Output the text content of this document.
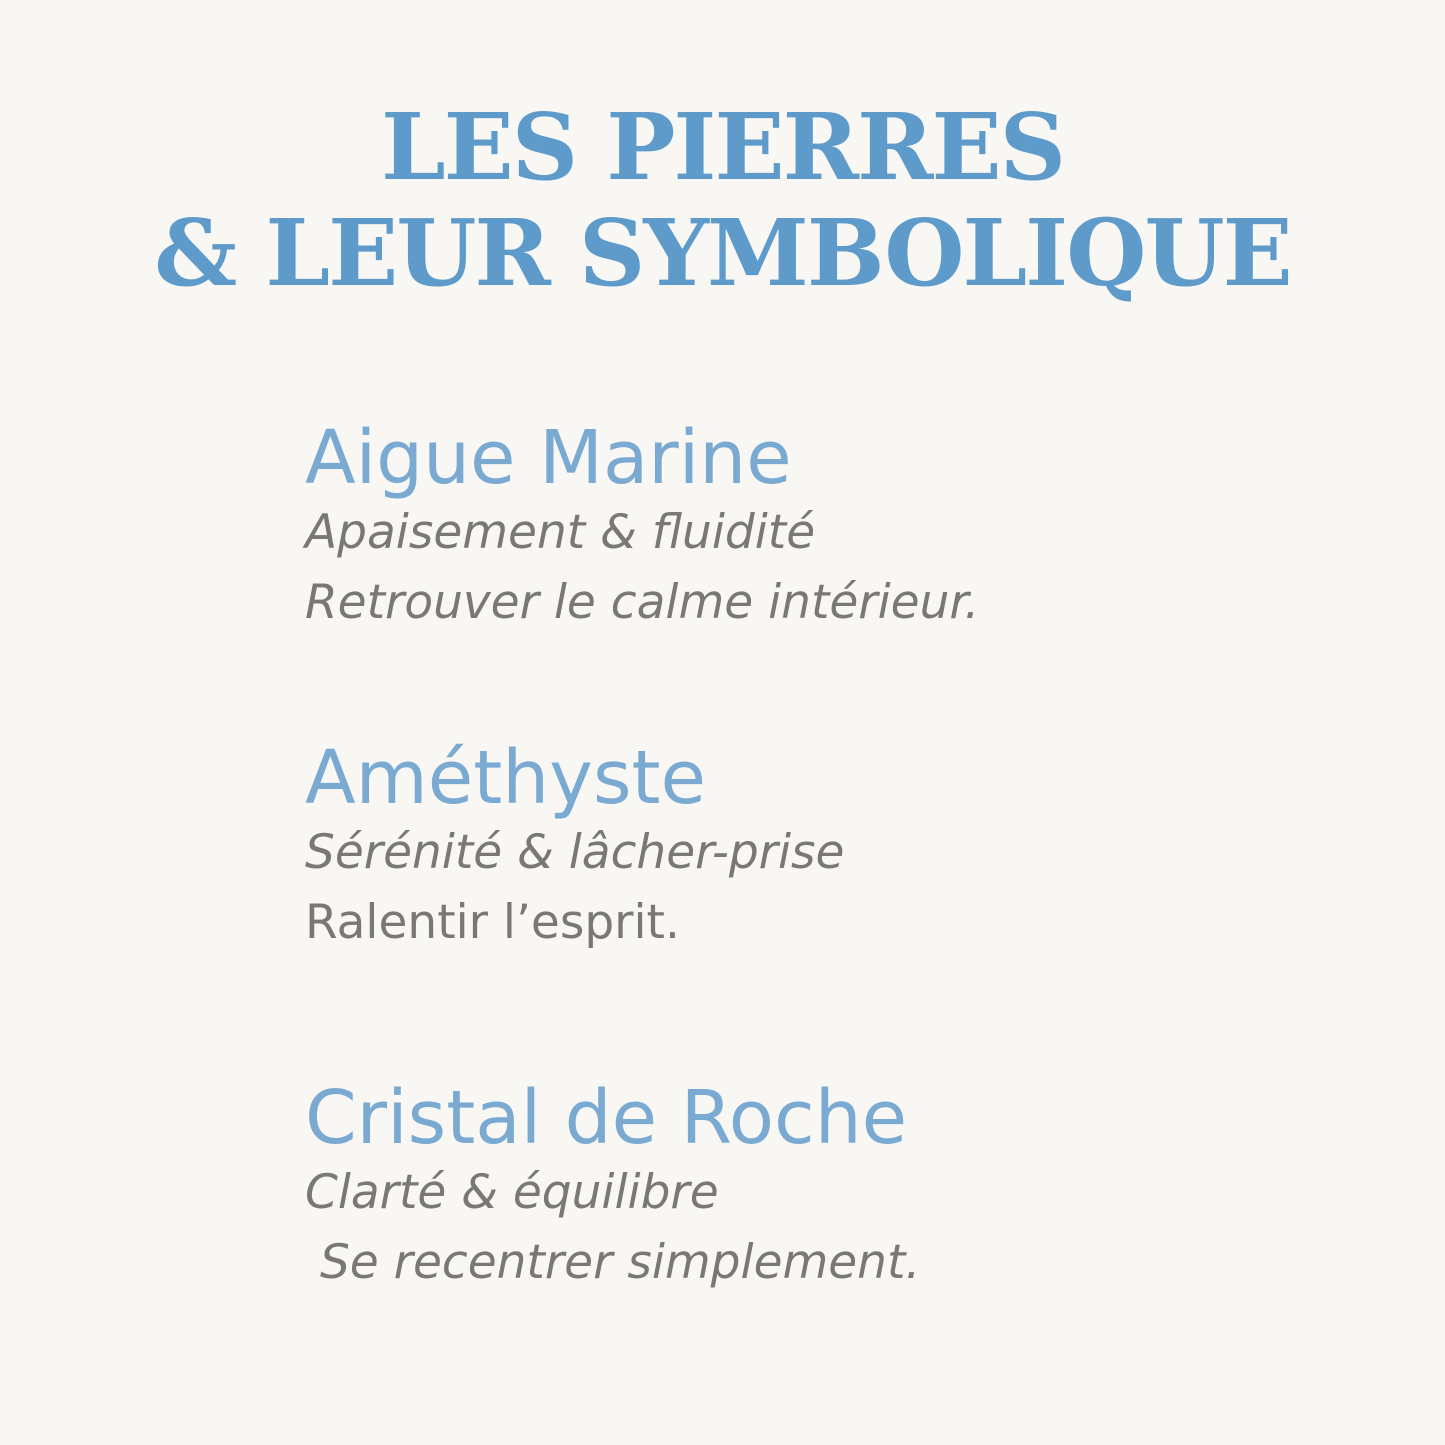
LES PIERRES
& LEUR SYMBOLIQUE
Aigue Marine

Apaisement & fluidité

Retrouver le calme intérieur.

Améthyste

Sérénité & lâcher-prise

Ralentir l’esprit.

Cristal de Roche

Clarté & équilibre

Se recentrer simplement.
